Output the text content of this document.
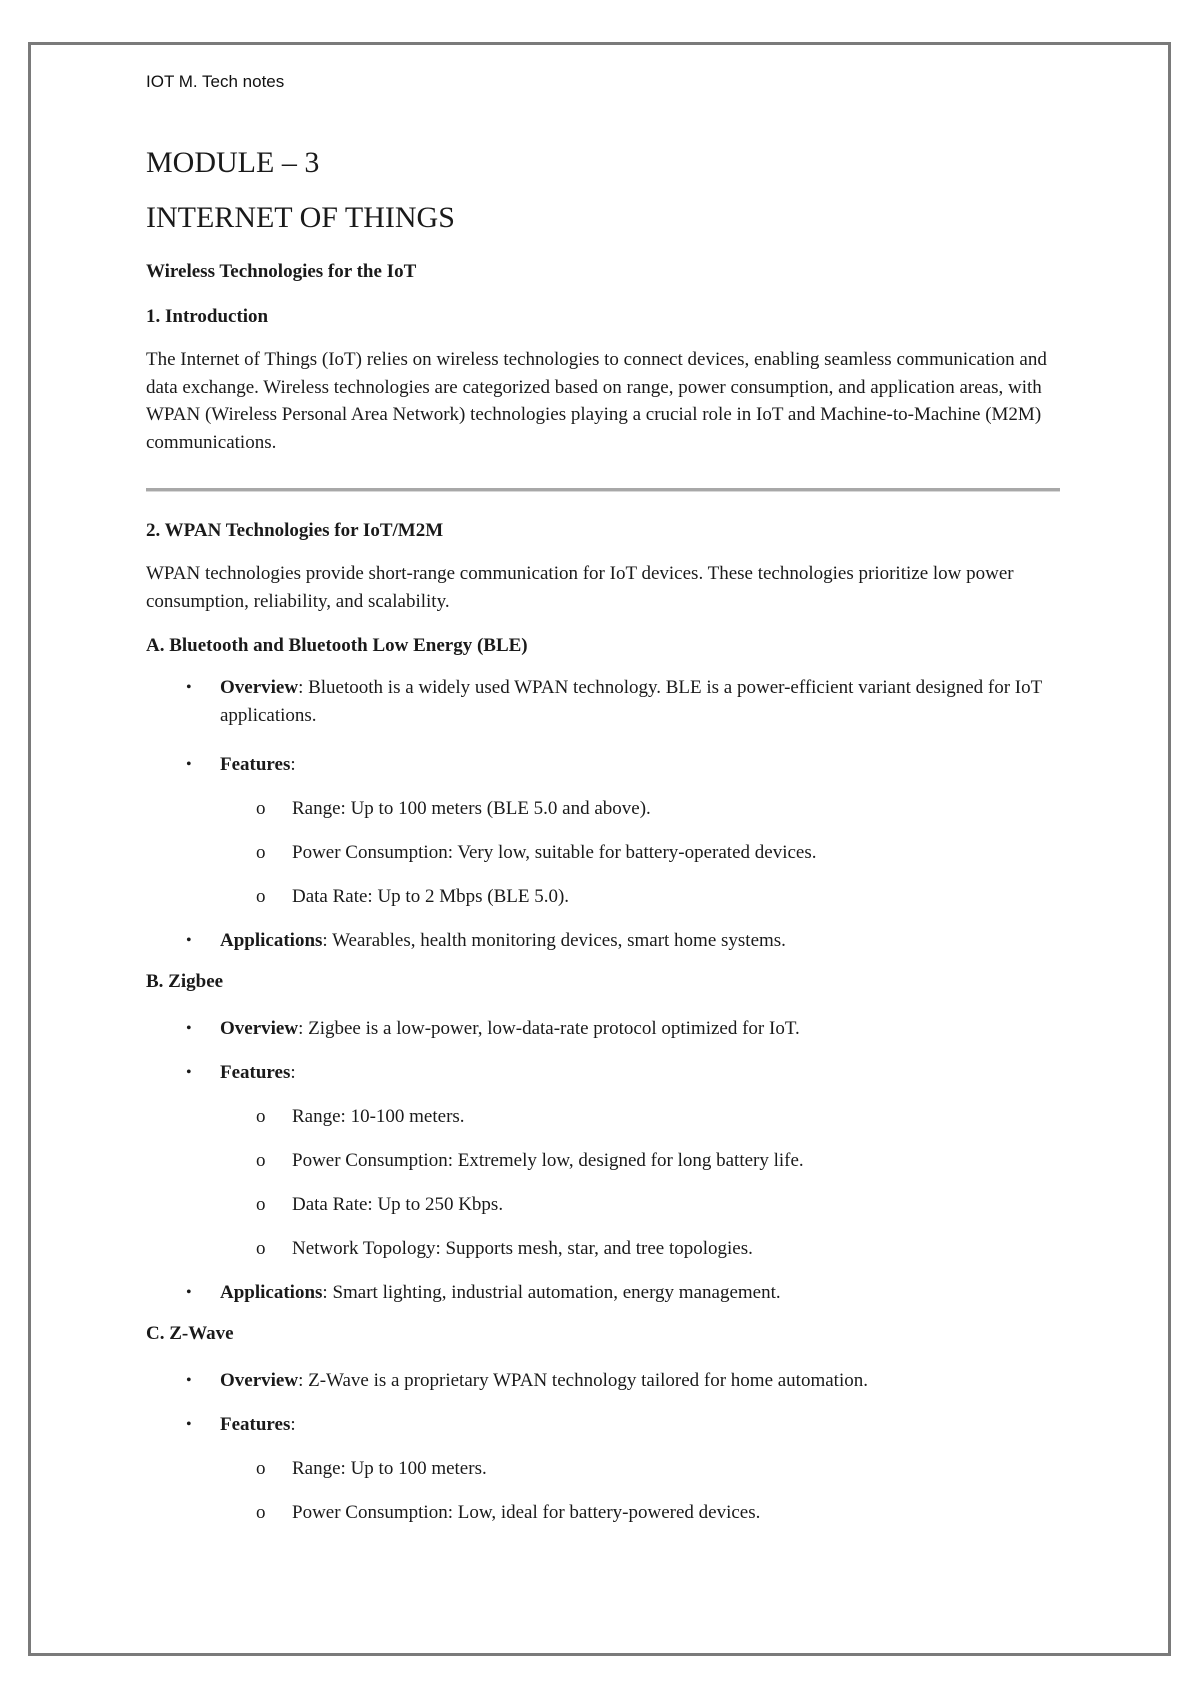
IOT M. Tech notes
MODULE – 3
INTERNET OF THINGS

Wireless Technologies for the IoT

1. Introduction

The Internet of Things (IoT) relies on wireless technologies to connect devices, enabling seamless communication and data exchange. Wireless technologies are categorized based on range, power consumption, and application areas, with WPAN (Wireless Personal Area Network) technologies playing a crucial role in IoT and Machine-to-Machine (M2M) communications.

2. WPAN Technologies for IoT/M2M

WPAN technologies provide short-range communication for IoT devices. These technologies prioritize low power consumption, reliability, and scalability.

A. Bluetooth and Bluetooth Low Energy (BLE)

• Overview: Bluetooth is a widely used WPAN technology. BLE is a power-efficient variant designed for IoT applications.
• Features:
o Range: Up to 100 meters (BLE 5.0 and above).
o Power Consumption: Very low, suitable for battery-operated devices.
o Data Rate: Up to 2 Mbps (BLE 5.0).
• Applications: Wearables, health monitoring devices, smart home systems.

B. Zigbee

• Overview: Zigbee is a low-power, low-data-rate protocol optimized for IoT.
• Features:
o Range: 10-100 meters.
o Power Consumption: Extremely low, designed for long battery life.
o Data Rate: Up to 250 Kbps.
o Network Topology: Supports mesh, star, and tree topologies.
• Applications: Smart lighting, industrial automation, energy management.

C. Z-Wave

• Overview: Z-Wave is a proprietary WPAN technology tailored for home automation.
• Features:
o Range: Up to 100 meters.
o Power Consumption: Low, ideal for battery-powered devices.
